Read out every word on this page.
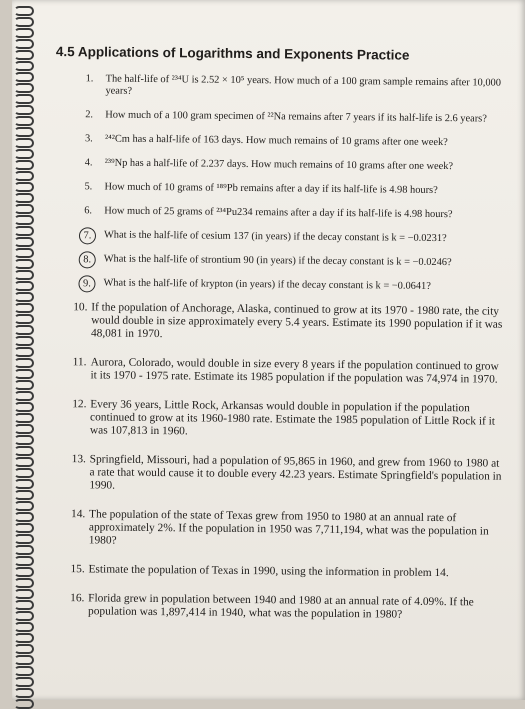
4.5 Applications of Logarithms and Exponents Practice
1. The half-life of ²³⁴U is 2.52 × 10⁵ years. How much of a 100 gram sample remains after 10,000 years?
2. How much of a 100 gram specimen of ²²Na remains after 7 years if its half-life is 2.6 years?
3. ²⁴²Cm has a half-life of 163 days. How much remains of 10 grams after one week?
4. ²³⁹Np has a half-life of 2.237 days. How much remains of 10 grams after one week?
5. How much of 10 grams of ¹⁸⁹Pb remains after a day if its half-life is 4.98 hours?
6. How much of 25 grams of ²³⁴Pu234 remains after a day if its half-life is 4.98 hours?
7.	What is the half-life of cesium 137 (in years) if the decay constant is k = −0.0231?
8.	What is the half-life of strontium 90 (in years) if the decay constant is k = −0.0246?
9.	What is the half-life of krypton (in years) if the decay constant is k = −0.0641?
10. If the population of Anchorage, Alaska, continued to grow at its 1970 - 1980 rate, the city would double in size approximately every 5.4 years. Estimate its 1990 population if it was 48,081 in 1970.
11. Aurora, Colorado, would double in size every 8 years if the population continued to grow it its 1970 - 1975 rate. Estimate its 1985 population if the population was 74,974 in 1970.
12. Every 36 years, Little Rock, Arkansas would double in population if the population continued to grow at its 1960-1980 rate. Estimate the 1985 population of Little Rock if it was 107,813 in 1960.
13. Springfield, Missouri, had a population of 95,865 in 1960, and grew from 1960 to 1980 at a rate that would cause it to double every 42.23 years. Estimate Springfield's population in 1990.
14. The population of the state of Texas grew from 1950 to 1980 at an annual rate of approximately 2%. If the population in 1950 was 7,711,194, what was the population in 1980?
15. Estimate the population of Texas in 1990, using the information in problem 14.
16. Florida grew in population between 1940 and 1980 at an annual rate of 4.09%. If the population was 1,897,414 in 1940, what was the population in 1980?
